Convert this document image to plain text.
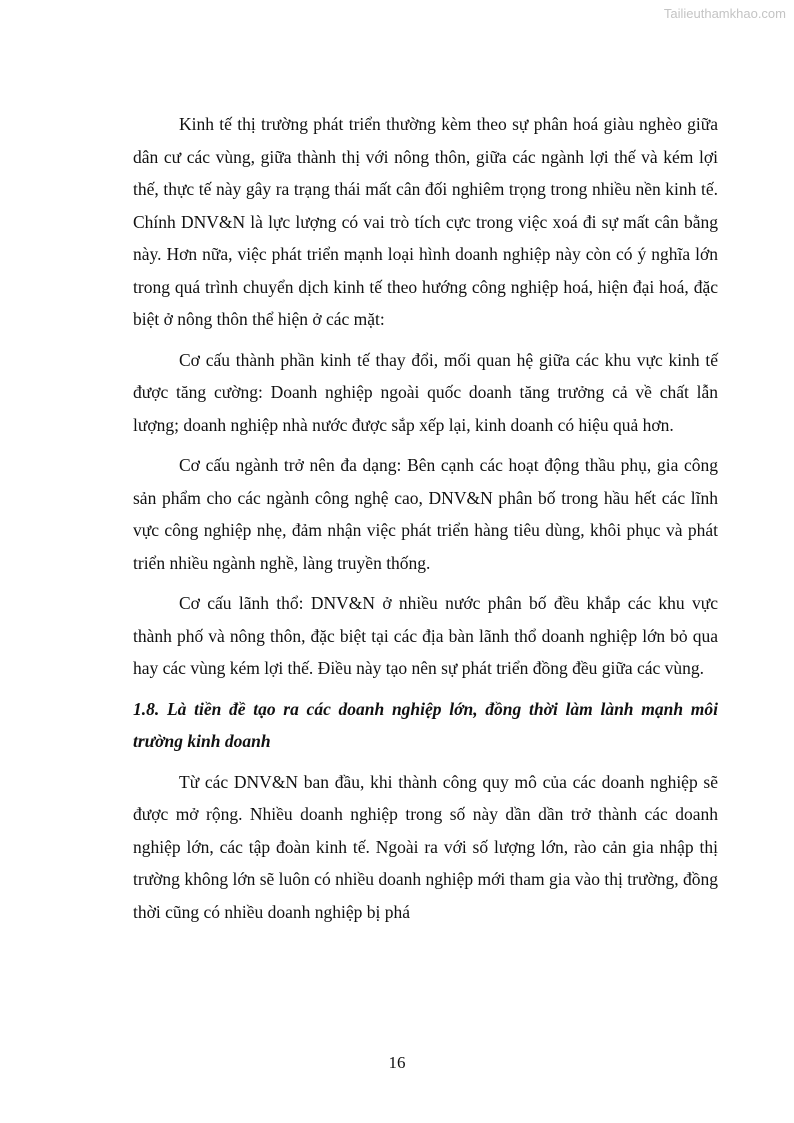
Tailieuthamkhao.com

Kinh tế thị trường phát triển thường kèm theo sự phân hoá giàu nghèo giữa dân cư các vùng, giữa thành thị với nông thôn, giữa các ngành lợi thế và kém lợi thế, thực tế này gây ra trạng thái mất cân đối nghiêm trọng trong nhiều nền kinh tế. Chính DNV&N là lực lượng có vai trò tích cực trong việc xoá đi sự mất cân bằng này. Hơn nữa, việc phát triển mạnh loại hình doanh nghiệp này còn có ý nghĩa lớn trong quá trình chuyển dịch kinh tế theo hướng công nghiệp hoá, hiện đại hoá, đặc biệt ở nông thôn thể hiện ở các mặt:

Cơ cấu thành phần kinh tế thay đổi, mối quan hệ giữa các khu vực kinh tế được tăng cường: Doanh nghiệp ngoài quốc doanh tăng trưởng cả về chất lẫn lượng; doanh nghiệp nhà nước được sắp xếp lại, kinh doanh có hiệu quả hơn.

Cơ cấu ngành trở nên đa dạng: Bên cạnh các hoạt động thầu phụ, gia công sản phẩm cho các ngành công nghệ cao, DNV&N phân bố trong hầu hết các lĩnh vực công nghiệp nhẹ, đảm nhận việc phát triển hàng tiêu dùng, khôi phục và phát triển nhiều ngành nghề, làng truyền thống.

Cơ cấu lãnh thổ: DNV&N ở nhiều nước phân bố đều khắp các khu vực thành phố và nông thôn, đặc biệt tại các địa bàn lãnh thổ doanh nghiệp lớn bỏ qua hay các vùng kém lợi thế. Điều này tạo nên sự phát triển đồng đều giữa các vùng.

1.8. Là tiền đề tạo ra các doanh nghiệp lớn, đồng thời làm lành mạnh môi trường kinh doanh

Từ các DNV&N ban đầu, khi thành công quy mô của các doanh nghiệp sẽ được mở rộng. Nhiều doanh nghiệp trong số này dần dần trở thành các doanh nghiệp lớn, các tập đoàn kinh tế. Ngoài ra với số lượng lớn, rào cản gia nhập thị trường không lớn sẽ luôn có nhiều doanh nghiệp mới tham gia vào thị trường, đồng thời cũng có nhiều doanh nghiệp bị phá

16
